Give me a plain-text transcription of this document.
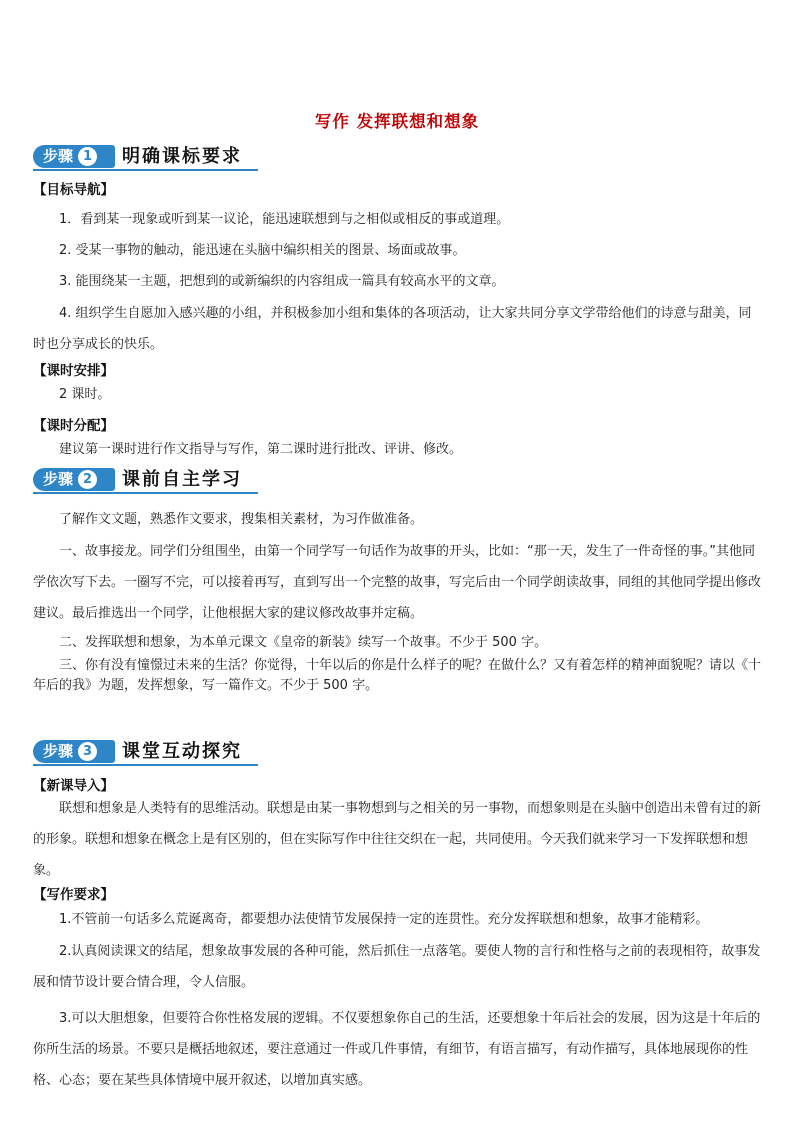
写作 发挥联想和想象
步骤 1	明确课标要求
【目标导航】
1．看到某一现象或听到某一议论，能迅速联想到与之相似或相反的事或道理。
2. 受某一事物的触动，能迅速在头脑中编织相关的图景、场面或故事。
3. 能围绕某一主题，把想到的或新编织的内容组成一篇具有较高水平的文章。
4. 组织学生自愿加入感兴趣的小组，并积极参加小组和集体的各项活动，让大家共同分享文学带给他们的诗意与甜美，同时也分享成长的快乐。
【课时安排】
2 课时。
【课时分配】
建议第一课时进行作文指导与写作，第二课时进行批改、评讲、修改。
步骤 2	课前自主学习
了解作文文题，熟悉作文要求，搜集相关素材，为习作做准备。
一、故事接龙。同学们分组围坐，由第一个同学写一句话作为故事的开头，比如：“那一天，发生了一件奇怪的事。”其他同学依次写下去。一圈写不完，可以接着再写，直到写出一个完整的故事，写完后由一个同学朗读故事，同组的其他同学提出修改建议。最后推选出一个同学，让他根据大家的建议修改故事并定稿。
二、发挥联想和想象，为本单元课文《皇帝的新装》续写一个故事。不少于 500 字。
三、你有没有憧憬过未来的生活？你觉得，十年以后的你是什么样子的呢？在做什么？又有着怎样的精神面貌呢？请以《十年后的我》为题，发挥想象，写一篇作文。不少于 500 字。
步骤 3	课堂互动探究
【新课导入】
联想和想象是人类特有的思维活动。联想是由某一事物想到与之相关的另一事物，而想象则是在头脑中创造出未曾有过的新的形象。联想和想象在概念上是有区别的，但在实际写作中往往交织在一起，共同使用。今天我们就来学习一下发挥联想和想象。
【写作要求】
1.不管前一句话多么荒诞离奇，都要想办法使情节发展保持一定的连贯性。充分发挥联想和想象，故事才能精彩。
2.认真阅读课文的结尾，想象故事发展的各种可能，然后抓住一点落笔。要使人物的言行和性格与之前的表现相符，故事发展和情节设计要合情合理，令人信服。
3.可以大胆想象，但要符合你性格发展的逻辑。不仅要想象你自己的生活，还要想象十年后社会的发展，因为这是十年后的你所生活的场景。不要只是概括地叙述，要注意通过一件或几件事情，有细节，有语言描写，有动作描写，具体地展现你的性格、心态；要在某些具体情境中展开叙述，以增加真实感。
